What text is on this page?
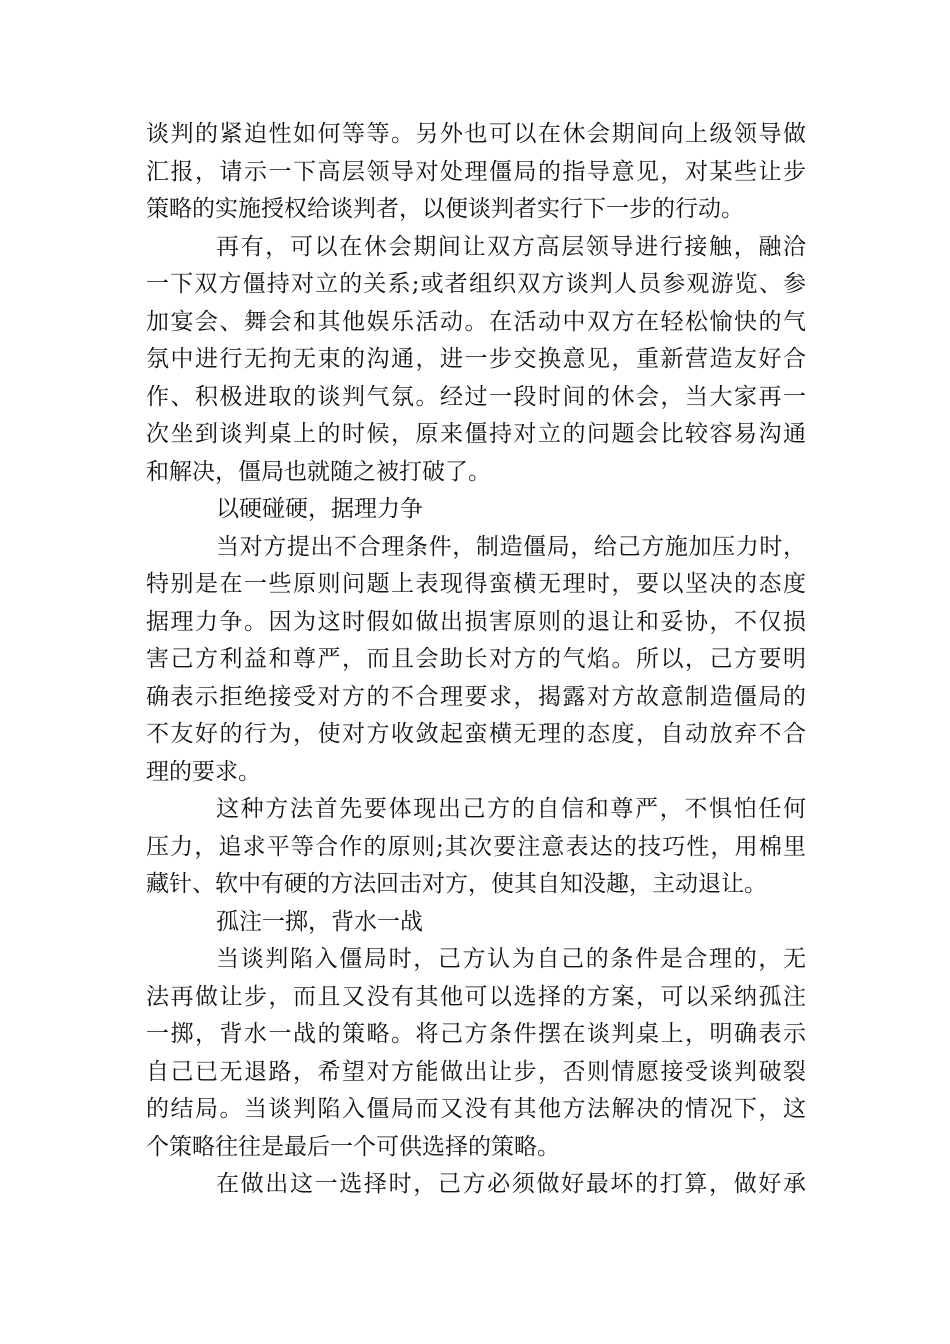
谈判的紧迫性如何等等。另外也可以在休会期间向上级领导做
汇报，请示一下高层领导对处理僵局的指导意见，对某些让步
策略的实施授权给谈判者，以便谈判者实行下一步的行动。
再有，可以在休会期间让双方高层领导进行接触，融洽
一下双方僵持对立的关系;或者组织双方谈判人员参观游览、参
加宴会、舞会和其他娱乐活动。在活动中双方在轻松愉快的气
氛中进行无拘无束的沟通，进一步交换意见，重新营造友好合
作、积极进取的谈判气氛。经过一段时间的休会，当大家再一
次坐到谈判桌上的时候，原来僵持对立的问题会比较容易沟通
和解决，僵局也就随之被打破了。
以硬碰硬，据理力争
当对方提出不合理条件，制造僵局，给己方施加压力时，
特别是在一些原则问题上表现得蛮横无理时，要以坚决的态度
据理力争。因为这时假如做出损害原则的退让和妥协，不仅损
害己方利益和尊严，而且会助长对方的气焰。所以，己方要明
确表示拒绝接受对方的不合理要求，揭露对方故意制造僵局的
不友好的行为，使对方收敛起蛮横无理的态度，自动放弃不合
理的要求。
这种方法首先要体现出己方的自信和尊严，不惧怕任何
压力，追求平等合作的原则;其次要注意表达的技巧性，用棉里
藏针、软中有硬的方法回击对方，使其自知没趣，主动退让。
孤注一掷，背水一战
当谈判陷入僵局时，己方认为自己的条件是合理的，无
法再做让步，而且又没有其他可以选择的方案，可以采纳孤注
一掷，背水一战的策略。将己方条件摆在谈判桌上，明确表示
自己已无退路，希望对方能做出让步，否则情愿接受谈判破裂
的结局。当谈判陷入僵局而又没有其他方法解决的情况下，这
个策略往往是最后一个可供选择的策略。
在做出这一选择时，己方必须做好最坏的打算，做好承
